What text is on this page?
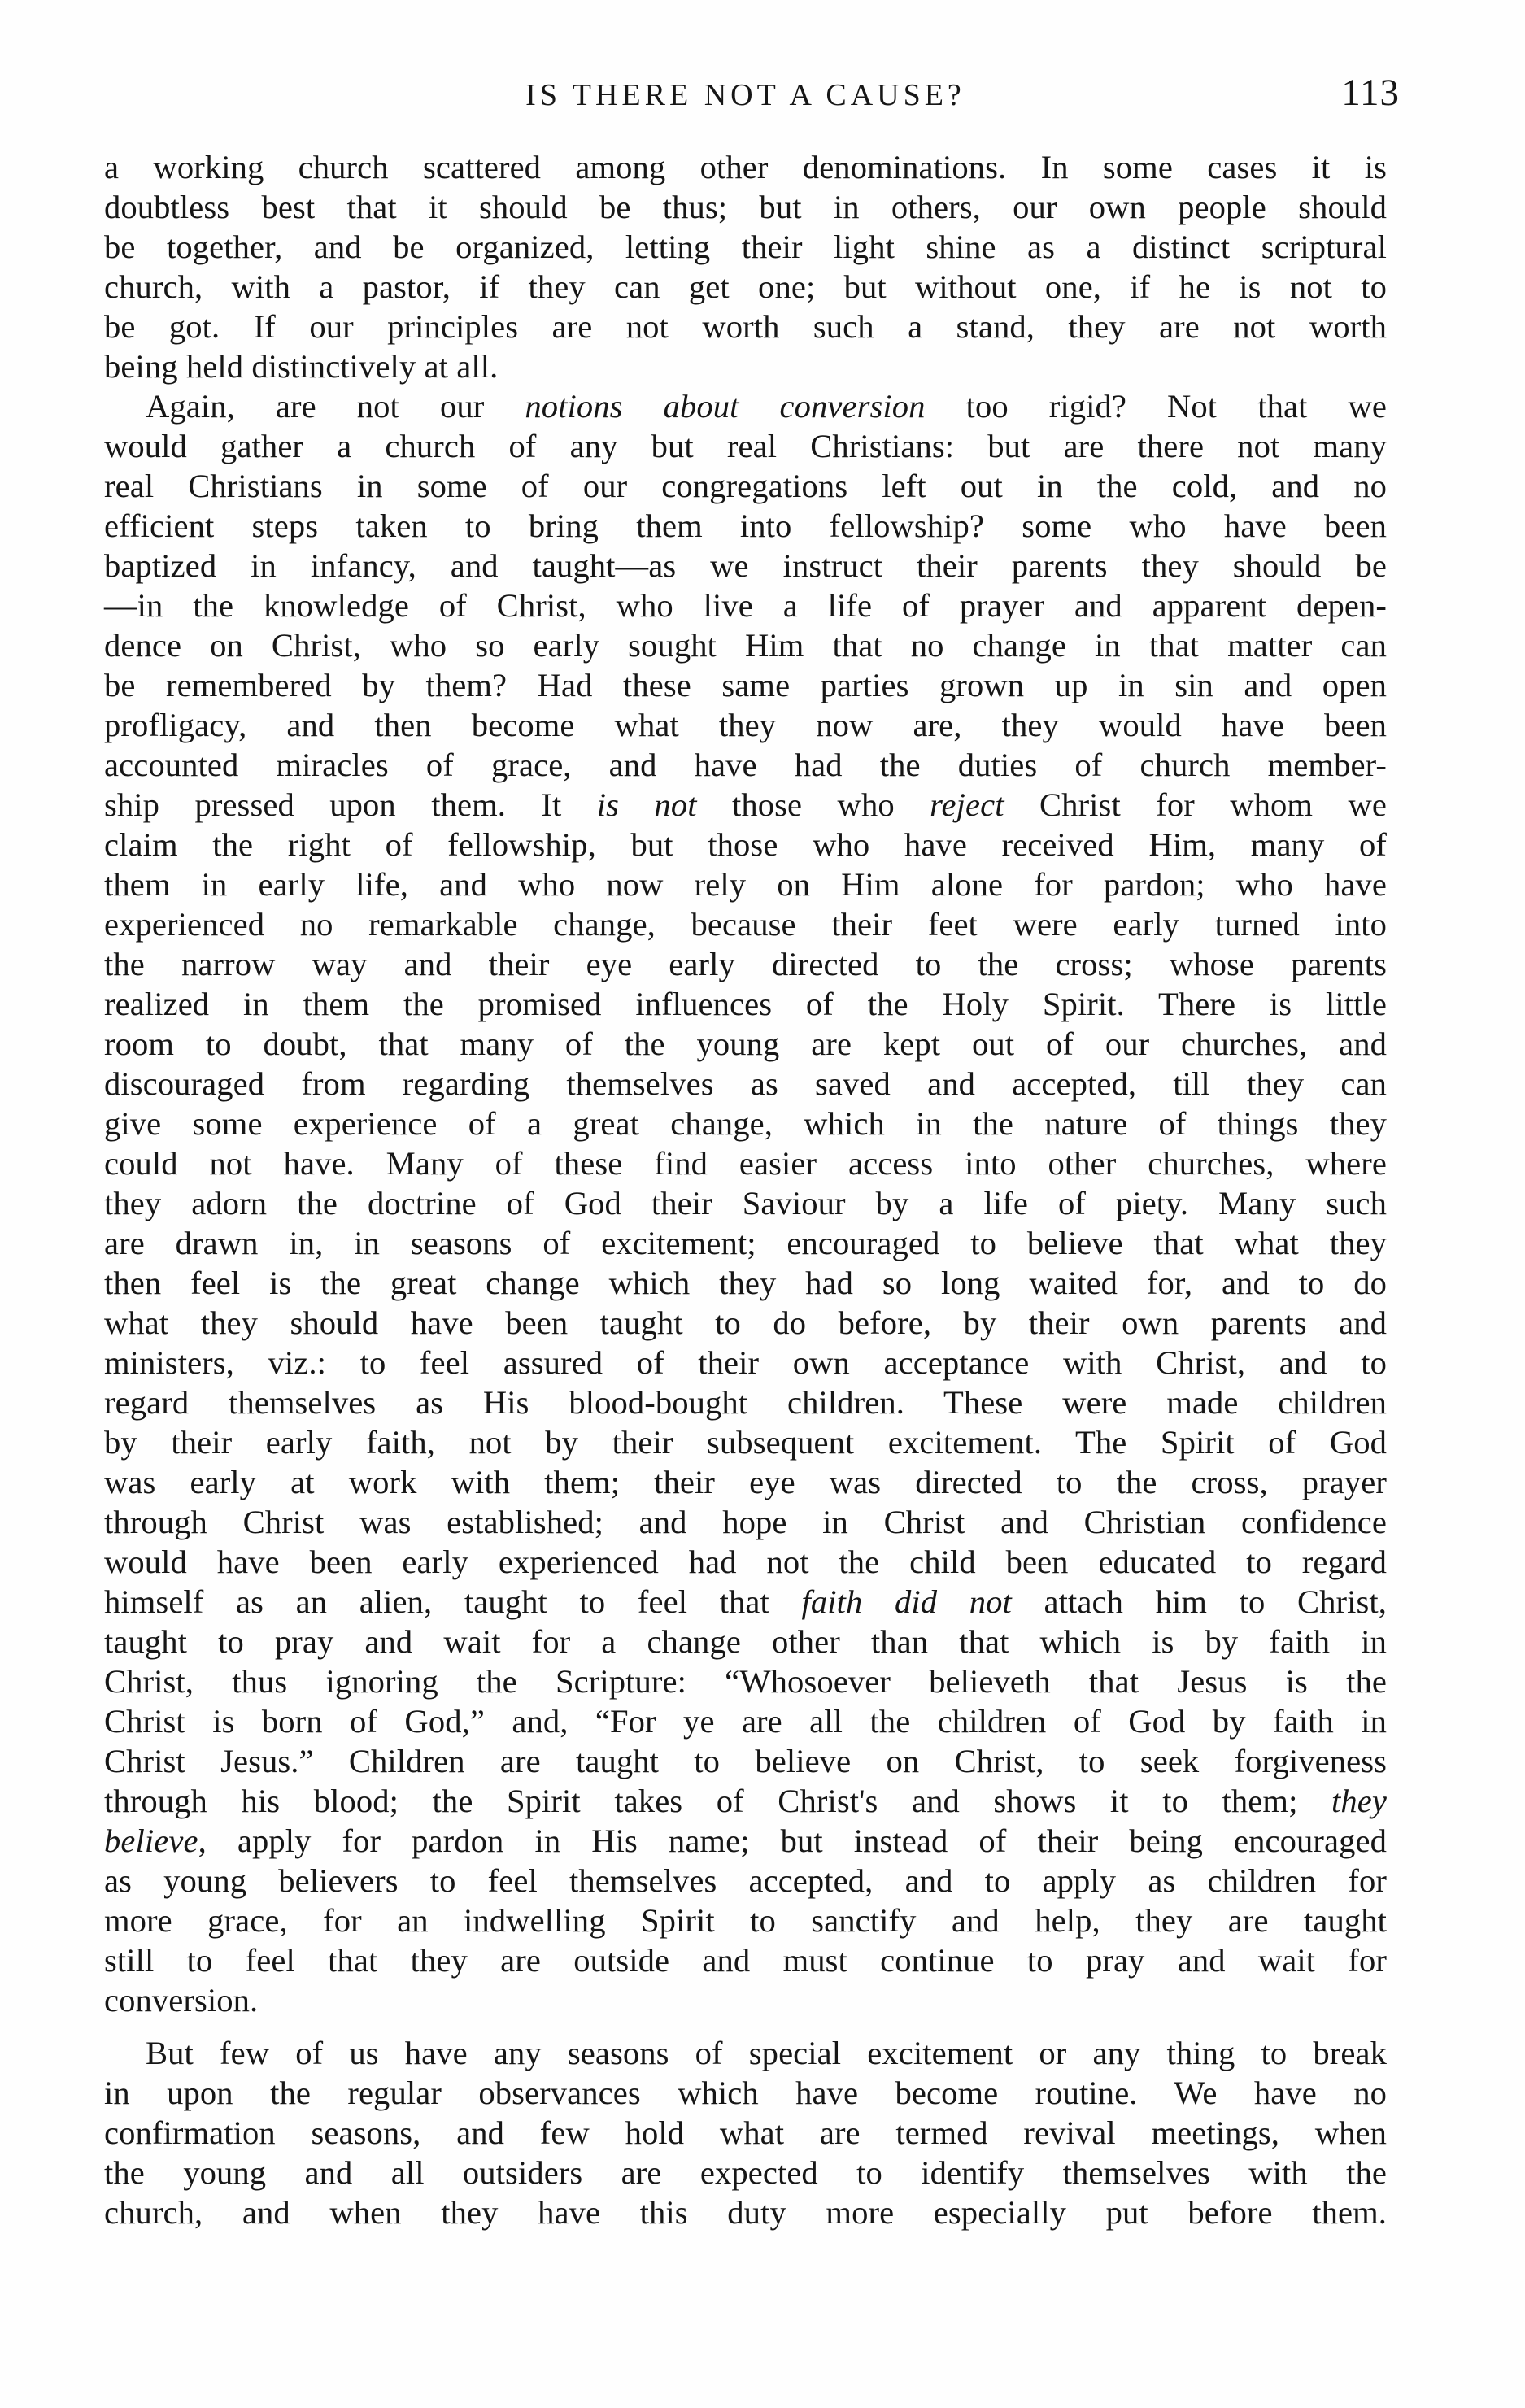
IS THERE NOT A CAUSE?	113

a working church scattered among other denominations. In some cases it is

doubtless best that it should be thus; but in others, our own people should

be together, and be organized, letting their light shine as a distinct scriptural

church, with a pastor, if they can get one; but without one, if he is not to

be got. If our principles are not worth such a stand, they are not worth

being held distinctively at all.

Again, are not our notions about conversion too rigid? Not that we

would gather a church of any but real Christians: but are there not many

real Christians in some of our congregations left out in the cold, and no

efficient steps taken to bring them into fellowship? some who have been

baptized in infancy, and taught—as we instruct their parents they should be

—in the knowledge of Christ, who live a life of prayer and apparent depen-

dence on Christ, who so early sought Him that no change in that matter can

be remembered by them? Had these same parties grown up in sin and open

profligacy, and then become what they now are, they would have been

accounted miracles of grace, and have had the duties of church member-

ship pressed upon them. It is not those who reject Christ for whom we

claim the right of fellowship, but those who have received Him, many of

them in early life, and who now rely on Him alone for pardon; who have

experienced no remarkable change, because their feet were early turned into

the narrow way and their eye early directed to the cross; whose parents

realized in them the promised influences of the Holy Spirit. There is little

room to doubt, that many of the young are kept out of our churches, and

discouraged from regarding themselves as saved and accepted, till they can

give some experience of a great change, which in the nature of things they

could not have. Many of these find easier access into other churches, where

they adorn the doctrine of God their Saviour by a life of piety. Many such

are drawn in, in seasons of excitement; encouraged to believe that what they

then feel is the great change which they had so long waited for, and to do

what they should have been taught to do before, by their own parents and

ministers, viz.: to feel assured of their own acceptance with Christ, and to

regard themselves as His blood-bought children. These were made children

by their early faith, not by their subsequent excitement. The Spirit of God

was early at work with them; their eye was directed to the cross, prayer

through Christ was established; and hope in Christ and Christian confidence

would have been early experienced had not the child been educated to regard

himself as an alien, taught to feel that faith did not attach him to Christ,

taught to pray and wait for a change other than that which is by faith in

Christ, thus ignoring the Scripture: “Whosoever believeth that Jesus is the

Christ is born of God,” and, “For ye are all the children of God by faith in

Christ Jesus.” Children are taught to believe on Christ, to seek forgiveness

through his blood; the Spirit takes of Christ's and shows it to them; they

believe, apply for pardon in His name; but instead of their being encouraged

as young believers to feel themselves accepted, and to apply as children for

more grace, for an indwelling Spirit to sanctify and help, they are taught

still to feel that they are outside and must continue to pray and wait for

conversion.

But few of us have any seasons of special excitement or any thing to break

in upon the regular observances which have become routine. We have no

confirmation seasons, and few hold what are termed revival meetings, when

the young and all outsiders are expected to identify themselves with the

church, and when they have this duty more especially put before them.
